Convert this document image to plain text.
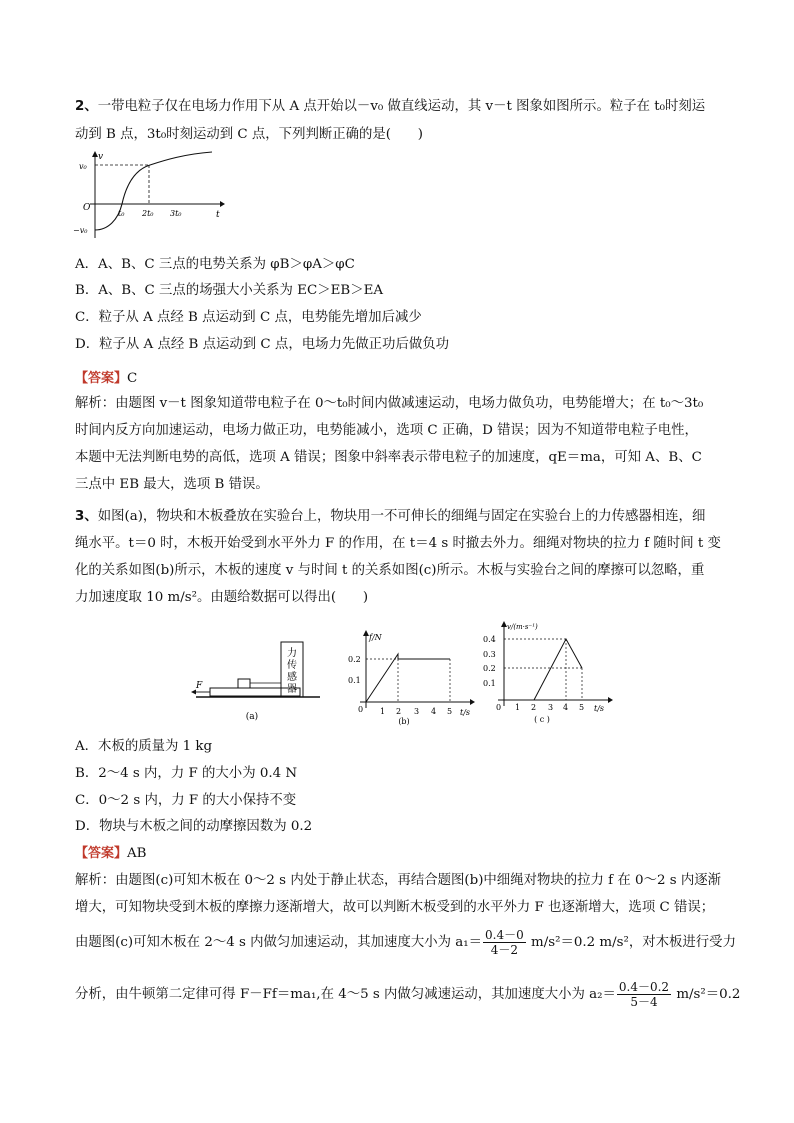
2、一带电粒子仅在电场力作用下从 A 点开始以－v₀ 做直线运动，其 v－t 图象如图所示。粒子在 t₀时刻运
动到 B 点，3t₀时刻运动到 C 点，下列判断正确的是(　　)
v
t
O
v₀
−v₀
t₀ 2t₀ 3t₀
A．A、B、C 三点的电势关系为 φB＞φA＞φC
B．A、B、C 三点的场强大小关系为 EC＞EB＞EA
C．粒子从 A 点经 B 点运动到 C 点，电势能先增加后减少
D．粒子从 A 点经 B 点运动到 C 点，电场力先做正功后做负功
【答案】C
解析：由题图 v－t 图象知道带电粒子在 0～t₀时间内做减速运动，电场力做负功，电势能增大；在 t₀～3t₀
时间内反方向加速运动，电场力做正功，电势能减小，选项 C 正确，D 错误；因为不知道带电粒子电性，
本题中无法判断电势的高低，选项 A 错误；图象中斜率表示带电粒子的加速度，qE＝ma，可知 A、B、C
三点中 EB 最大，选项 B 错误。
3、如图(a)，物块和木板叠放在实验台上，物块用一不可伸长的细绳与固定在实验台上的力传感器相连，细
绳水平。t＝0 时，木板开始受到水平外力 F 的作用，在 t＝4 s 时撤去外力。细绳对物块的拉力 f 随时间 t 变
化的关系如图(b)所示，木板的速度 v 与时间 t 的关系如图(c)所示。木板与实验台之间的摩擦可以忽略，重
力加速度取 10 m/s²。由题给数据可以得出(　　)
力
传
感
器
F
(a)
f/N
t/s
0.2
0.1
0 1 2 3 4 5
(b)
v/(m·s⁻¹)
t/s
0.4
0.3
0.2
0.1
0 1 2 3 4 5
( c )
A．木板的质量为 1 kg
B．2～4 s 内，力 F 的大小为 0.4 N
C．0～2 s 内，力 F 的大小保持不变
D．物块与木板之间的动摩擦因数为 0.2
【答案】AB
解析：由题图(c)可知木板在 0～2 s 内处于静止状态，再结合题图(b)中细绳对物块的拉力 f 在 0～2 s 内逐渐
增大，可知物块受到木板的摩擦力逐渐增大，故可以判断木板受到的水平外力 F 也逐渐增大，选项 C 错误；
由题图(c)可知木板在 2～4 s 内做匀加速运动，其加速度大小为 $a_1= \frac{0.4-0}{4-2} m/s^2=0.2$ m/s²，对木板进行受力
分析，由牛顿第二定律可得 F－Ff＝ma₁,在 4～5 s 内做匀减速运动，其加速度大小为 $a_2= \frac{0.4-0.2}{5-4} m/s^2=0.2$
